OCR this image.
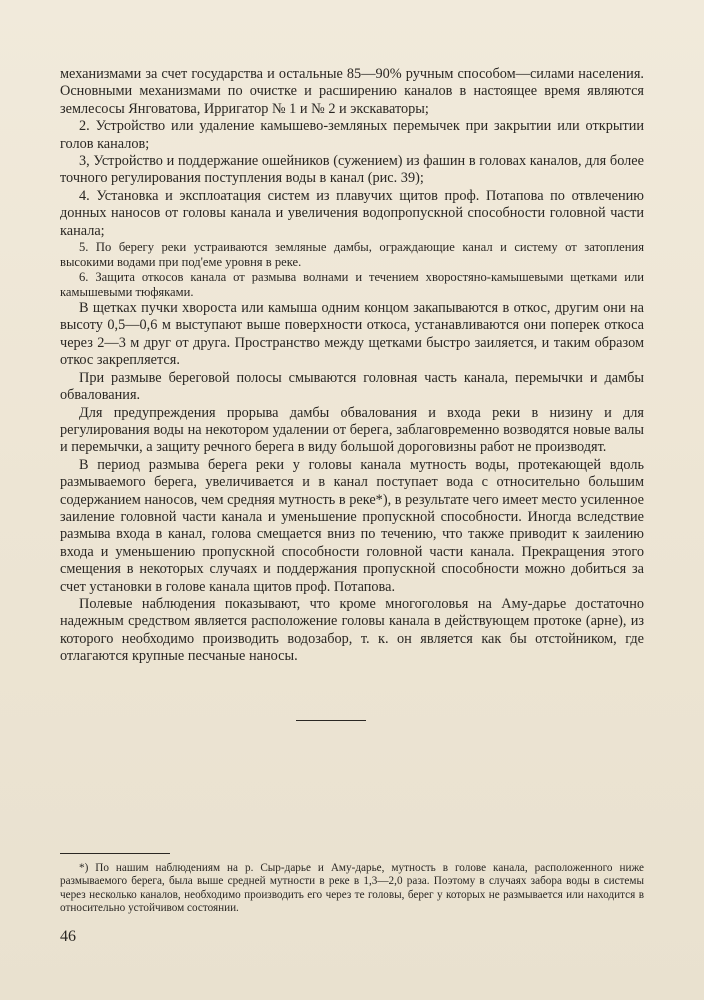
механизмами за счет государства и остальные 85—90% ручным способом—силами населения. Основными механизмами по очистке и расширению каналов в настоящее время являются землесосы Янговатова, Ирригатор № 1 и № 2 и экскаваторы;

2. Устройство или удаление камышево-земляных перемычек при закрытии или открытии голов каналов;

3, Устройство и поддержание ошейников (сужением) из фашин в головах каналов, для более точного регулирования поступления воды в канал (рис. 39);

4. Установка и эксплоатация систем из плавучих щитов проф. Потапова по отвлечению донных наносов от головы канала и увеличения водопропускной способности головной части канала;

5. По берегу реки устраиваются земляные дамбы, ограждающие канал и систему от затопления высокими водами при под'еме уровня в реке.

6. Защита откосов канала от размыва волнами и течением хворостяно-камышевыми щетками или камышевыми тюфяками.

В щетках пучки хвороста или камыша одним концом закапываются в откос, другим они на высоту 0,5—0,6 м выступают выше поверхности откоса, устанавливаются они поперек откоса через 2—3 м друг от друга. Пространство между щетками быстро заиляется, и таким образом откос закрепляется.

При размыве береговой полосы смываются головная часть канала, перемычки и дамбы обвалования.

Для предупреждения прорыва дамбы обвалования и входа реки в низину и для регулирования воды на некотором удалении от берега, заблаговременно возводятся новые валы и перемычки, а защиту речного берега в виду большой дороговизны работ не производят.

В период размыва берега реки у головы канала мутность воды, протекающей вдоль размываемого берега, увеличивается и в канал поступает вода с относительно большим содержанием наносов, чем средняя мутность в реке*), в результате чего имеет место усиленное заиление головной части канала и уменьшение пропускной способности. Иногда вследствие размыва входа в канал, голова смещается вниз по течению, что также приводит к заилению входа и уменьшению пропускной способности головной части канала. Прекращения этого смещения в некоторых случаях и поддержания пропускной способности можно добиться за счет установки в голове канала щитов проф. Потапова.

Полевые наблюдения показывают, что кроме многоголовья на Аму-дарье достаточно надежным средством является расположение головы канала в действующем протоке (арне), из которого необходимо производить водозабор, т. к. он является как бы отстойником, где отлагаются крупные песчаные наносы.

*) По нашим наблюдениям на р. Сыр-дарье и Аму-дарье, мутность в голове канала, расположенного ниже размываемого берега, была выше средней мутности в реке в 1,3—2,0 раза. Поэтому в случаях забора воды в системы через несколько каналов, необходимо производить его через те головы, берег у которых не размывается или находится в относительно устойчивом состоянии.

46
